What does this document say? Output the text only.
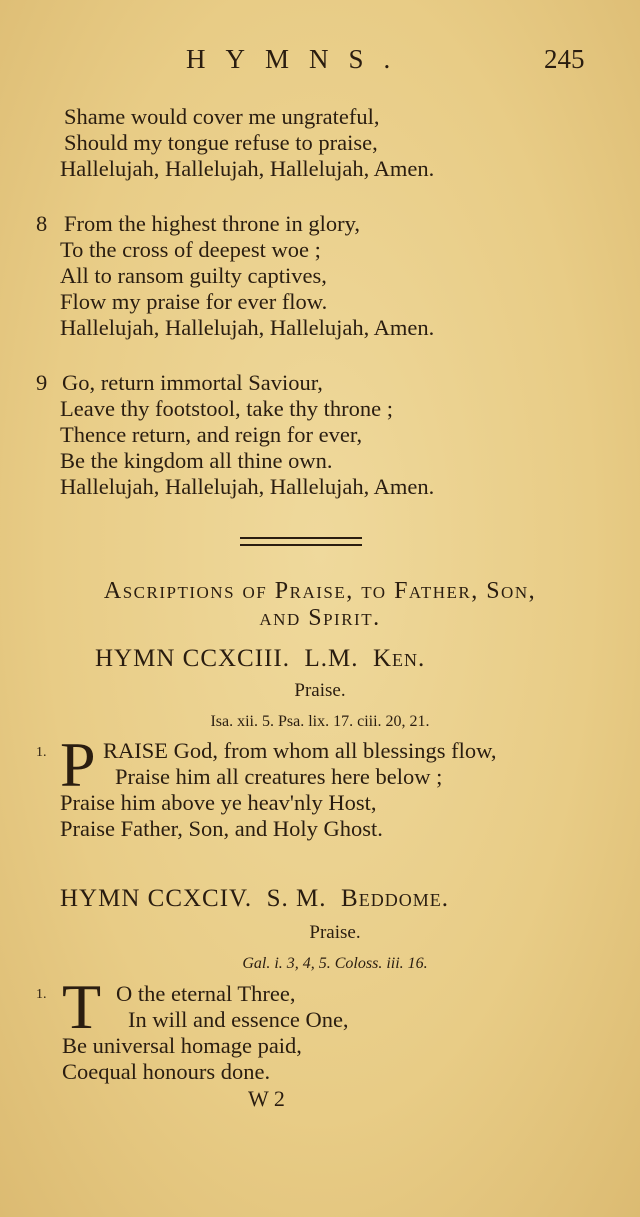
HYMNS.	245
Shame would cover me ungrateful,
Should my tongue refuse to praise,
Hallelujah, Hallelujah, Hallelujah, Amen.
8 From the highest throne in glory,
To the cross of deepest woe ;
All to ransom guilty captives,
Flow my praise for ever flow.
Hallelujah, Hallelujah, Hallelujah, Amen.
9 Go, return immortal Saviour,
Leave thy footstool, take thy throne ;
Thence return, and reign for ever,
Be the kingdom all thine own.
Hallelujah, Hallelujah, Hallelujah, Amen.
Ascriptions of Praise, to Father, Son,
and Spirit.
HYMN CCXCIII. L.M. Ken.
Praise.
Isa. xii. 5. Psa. lix. 17. ciii. 20, 21.
1. P RAISE God, from whom all blessings flow,
Praise him all creatures here below ;
Praise him above ye heav'nly Host,
Praise Father, Son, and Holy Ghost.
HYMN CCXCIV. S. M. Beddome.
Praise.
Gal. i. 3, 4, 5. Coloss. iii. 16.
1. T O the eternal Three,
In will and essence One,
Be universal homage paid,
Coequal honours done.
W 2
